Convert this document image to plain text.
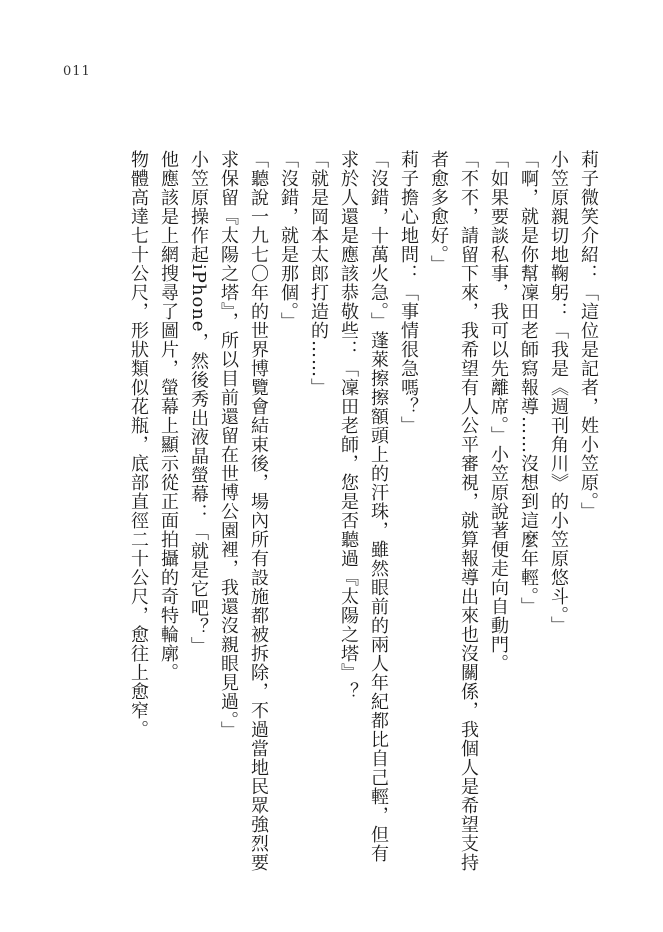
011

莉子微笑介紹：「這位是記者，姓小笠原。」

小笠原親切地鞠躬：「我是《週刊角川》的小笠原悠斗。」

「啊，就是你幫凜田老師寫報導……沒想到這麼年輕。」

「如果要談私事，我可以先離席。」小笠原說著便走向自動門。

「不不，請留下來，我希望有人公平審視，就算報導出來也沒關係，我個人是希望支持

者愈多愈好。」

莉子擔心地問：「事情很急嗎？」

「沒錯，十萬火急。」蓬萊擦擦額頭上的汗珠，雖然眼前的兩人年紀都比自己輕，但有

求於人還是應該恭敬些：「凜田老師，您是否聽過『太陽之塔』？

「就是岡本太郎打造的……」

「沒錯，就是那個。」

「聽說一九七〇年的世界博覽會結束後，場內所有設施都被拆除，不過當地民眾強烈要

求保留『太陽之塔』，所以目前還留在世博公園裡，我還沒親眼見過。」

小笠原操作起iPhone，然後秀出液晶螢幕：「就是它吧？」

他應該是上網搜尋了圖片，螢幕上顯示從正面拍攝的奇特輪廓。

物體高達七十公尺，形狀類似花瓶，底部直徑二十公尺，愈往上愈窄。
